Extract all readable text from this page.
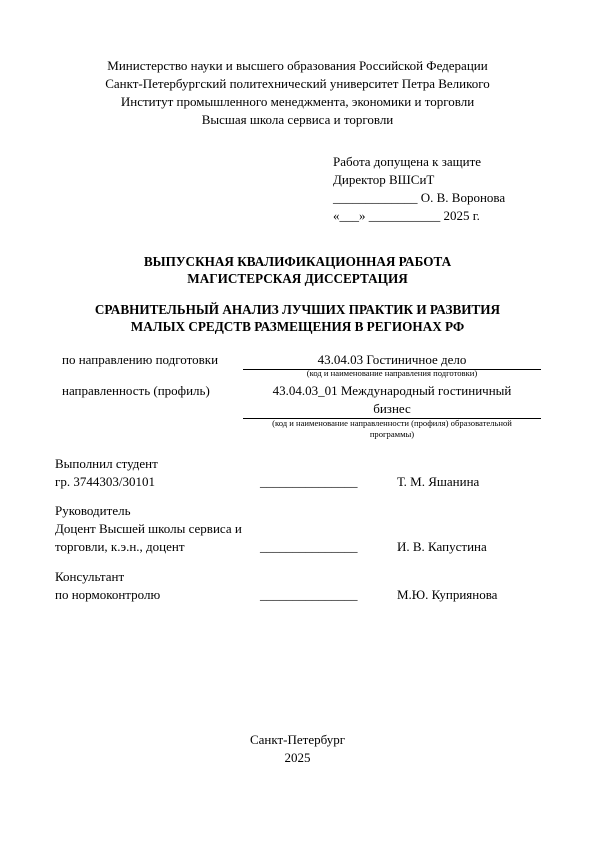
Министерство науки и высшего образования Российской Федерации
Санкт-Петербургский политехнический университет Петра Великого
Институт промышленного менеджмента, экономики и торговли
Высшая школа сервиса и торговли
Работа допущена к защите
Директор ВШСиТ
_____________ О. В. Воронова
«___» ___________ 2025 г.
ВЫПУСКНАЯ КВАЛИФИКАЦИОННАЯ РАБОТА
МАГИСТЕРСКАЯ ДИССЕРТАЦИЯ
СРАВНИТЕЛЬНЫЙ АНАЛИЗ ЛУЧШИХ ПРАКТИК И РАЗВИТИЯ
МАЛЫХ СРЕДСТВ РАЗМЕЩЕНИЯ В РЕГИОНАХ РФ
по направлению подготовки	43.04.03 Гостиничное дело
(код и наименование направления подготовки)
направленность (профиль)	43.04.03_01 Международный гостиничный
бизнес
(код и наименование направленности (профиля) образовательной
программы)
Выполнил студент
гр. 3744303/30101	_______________	Т. М. Яшанина
Руководитель
Доцент Высшей школы сервиса и
торговли, к.э.н., доцент	_______________	И. В. Капустина
Консультант
по нормоконтролю	_______________	М.Ю. Куприянова
Санкт-Петербург
2025
